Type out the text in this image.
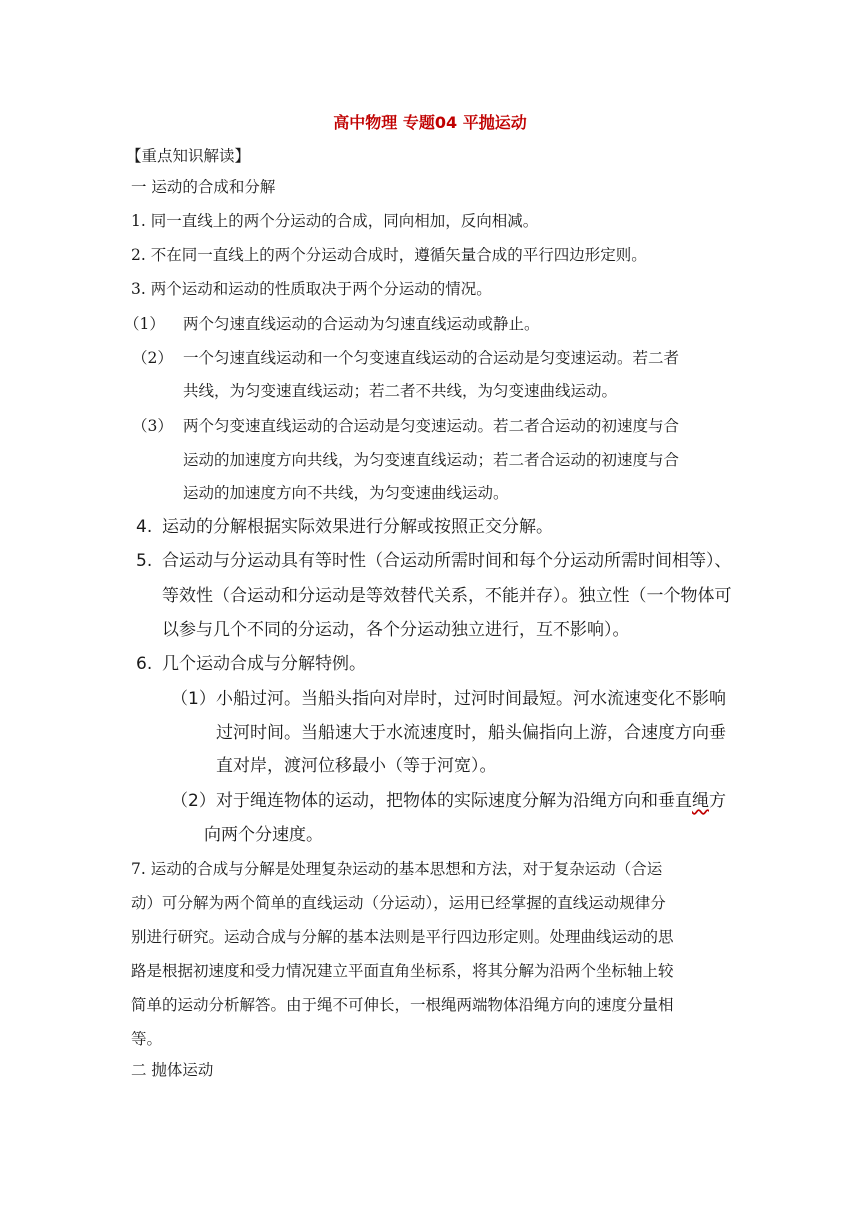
高中物理 专题04 平抛运动
【重点知识解读】
一 运动的合成和分解
1. 同一直线上的两个分运动的合成，同向相加，反向相减。
2. 不在同一直线上的两个分运动合成时，遵循矢量合成的平行四边形定则。
3. 两个运动和运动的性质取决于两个分运动的情况。
（1） 两个匀速直线运动的合运动为匀速直线运动或静止。
（2） 一个匀速直线运动和一个匀变速直线运动的合运动是匀变速运动。若二者
共线，为匀变速直线运动；若二者不共线，为匀变速曲线运动。
（3） 两个匀变速直线运动的合运动是匀变速运动。若二者合运动的初速度与合
运动的加速度方向共线，为匀变速直线运动；若二者合运动的初速度与合
运动的加速度方向不共线，为匀变速曲线运动。
4. 运动的分解根据实际效果进行分解或按照正交分解。
5. 合运动与分运动具有等时性（合运动所需时间和每个分运动所需时间相等）、
等效性（合运动和分运动是等效替代关系，不能并存）。独立性（一个物体可
以参与几个不同的分运动，各个分运动独立进行，互不影响）。
6. 几个运动合成与分解特例。
（1） 小船过河。当船头指向对岸时，过河时间最短。河水流速变化不影响
过河时间。当船速大于水流速度时，船头偏指向上游，合速度方向垂
直对岸，渡河位移最小（等于河宽）。
（2） 对于绳连物体的运动，把物体的实际速度分解为沿绳方向和垂直绳方
向两个分速度。
7. 运动的合成与分解是处理复杂运动的基本思想和方法，对于复杂运动（合运
动）可分解为两个简单的直线运动（分运动），运用已经掌握的直线运动规律分
别进行研究。运动合成与分解的基本法则是平行四边形定则。处理曲线运动的思
路是根据初速度和受力情况建立平面直角坐标系，将其分解为沿两个坐标轴上较
简单的运动分析解答。由于绳不可伸长，一根绳两端物体沿绳方向的速度分量相
等。
二 抛体运动
